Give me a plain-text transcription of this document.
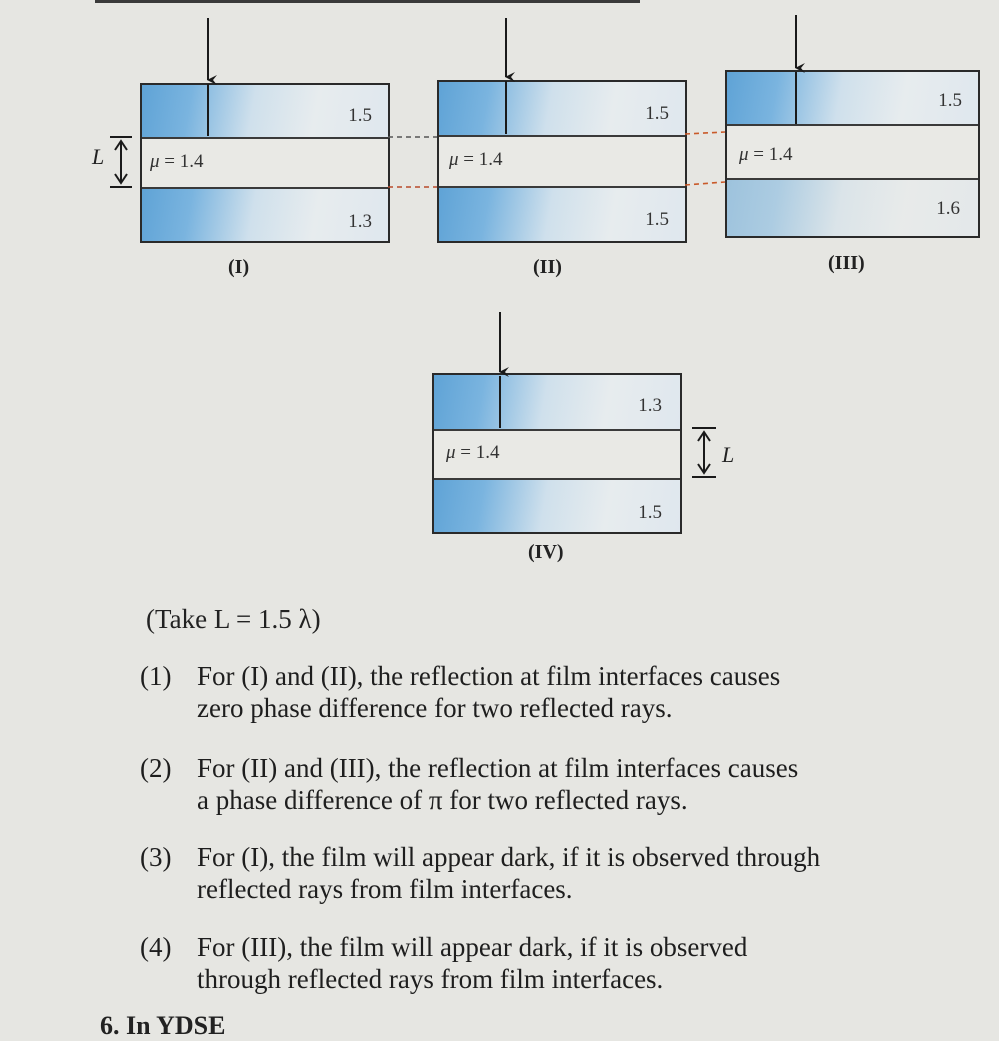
1.5
μ = 1.4
1.3
(I)
L
1.5
μ = 1.4
1.5
(II)
1.5
μ = 1.4
1.6
(III)
1.3
μ = 1.4
1.5
(IV)
L
(Take L = 1.5 λ)
(1) For (I) and (II), the reflection at film interfaces causes
zero phase difference for two reflected rays.
(2) For (II) and (III), the reflection at film interfaces causes
a phase difference of π for two reflected rays.
(3) For (I), the film will appear dark, if it is observed through
reflected rays from film interfaces.
(4) For (III), the film will appear dark, if it is observed
through reflected rays from film interfaces.
6. In YDSE
